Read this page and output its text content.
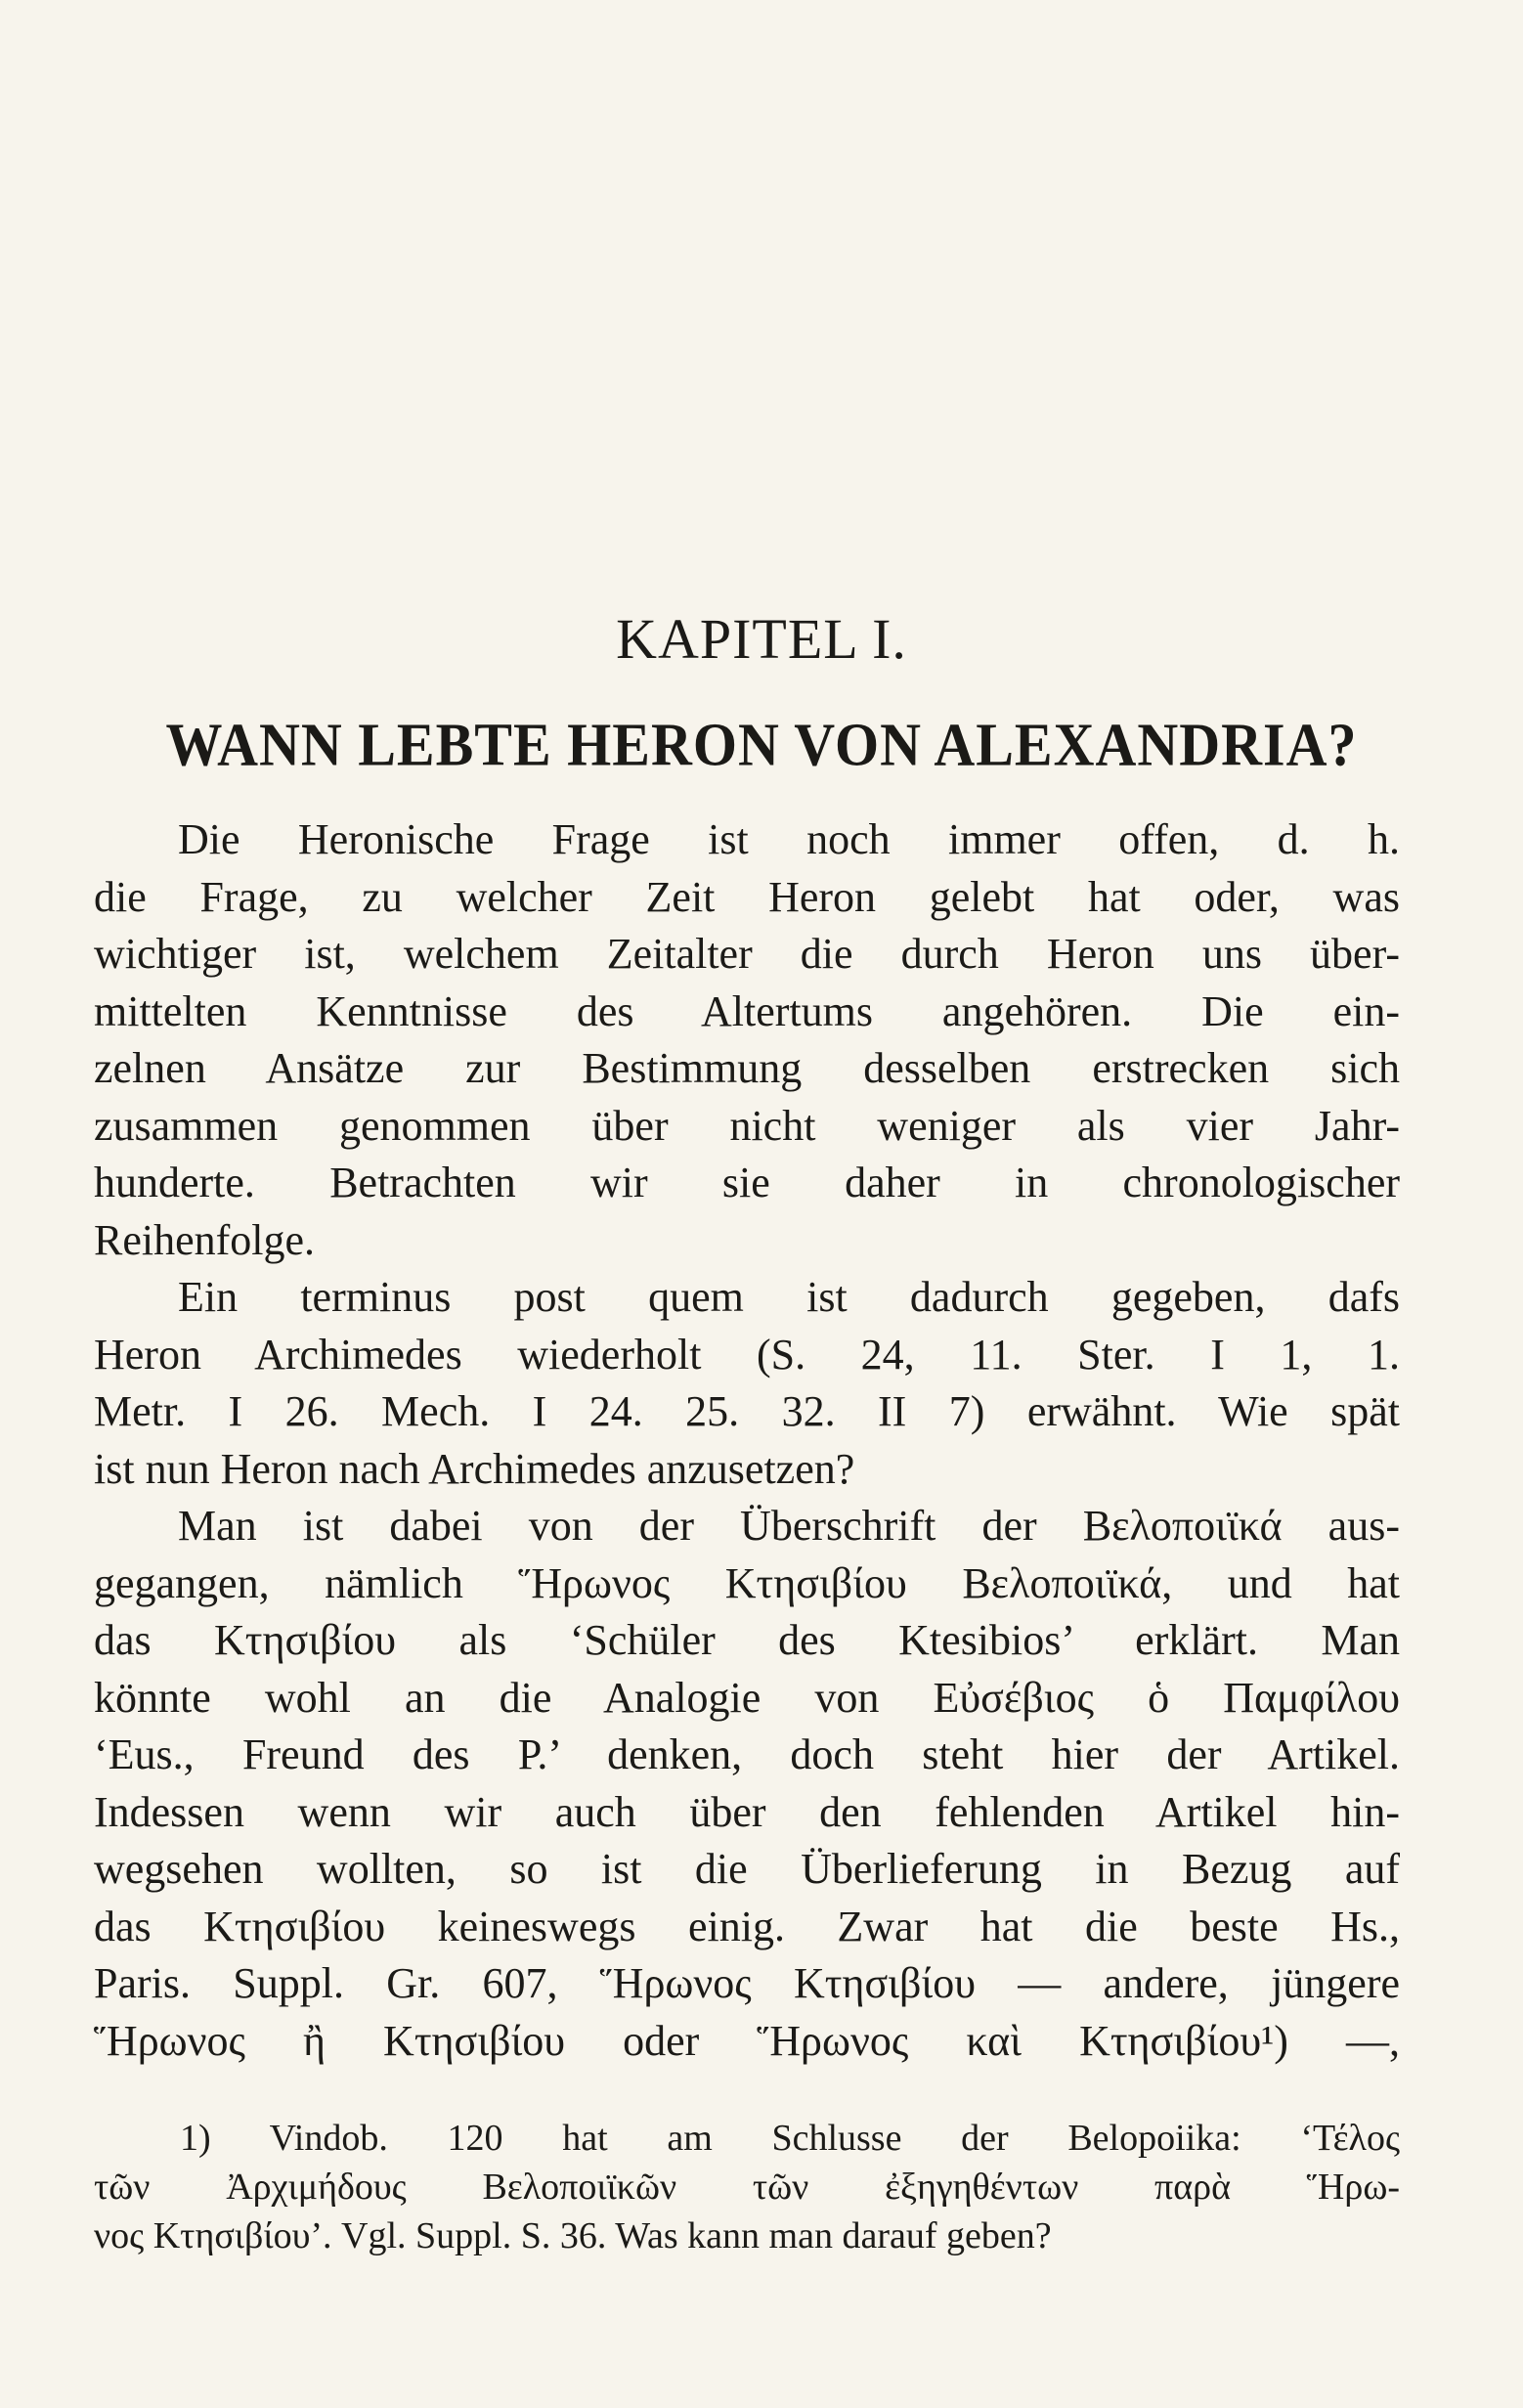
KAPITEL I.
WANN LEBTE HERON VON ALEXANDRIA?
Die Heronische Frage ist noch immer offen, d. h.
die Frage, zu welcher Zeit Heron gelebt hat oder, was
wichtiger ist, welchem Zeitalter die durch Heron uns über-
mittelten Kenntnisse des Altertums angehören. Die ein-
zelnen Ansätze zur Bestimmung desselben erstrecken sich
zusammen genommen über nicht weniger als vier Jahr-
hunderte. Betrachten wir sie daher in chronologischer
Reihenfolge.
Ein terminus post quem ist dadurch gegeben, dafs
Heron Archimedes wiederholt (S. 24, 11. Ster. I 1, 1.
Metr. I 26. Mech. I 24. 25. 32. II 7) erwähnt. Wie spät
ist nun Heron nach Archimedes anzusetzen?
Man ist dabei von der Überschrift der Βελοποιϊκά aus-
gegangen, nämlich Ἥρωνος Κτησιβίου Βελοποιϊκά, und hat
das Κτησιβίου als ‘Schüler des Ktesibios’ erklärt. Man
könnte wohl an die Analogie von Εὐσέβιος ὁ Παμφίλου
‘Eus., Freund des P.’ denken, doch steht hier der Artikel.
Indessen wenn wir auch über den fehlenden Artikel hin-
wegsehen wollten, so ist die Überlieferung in Bezug auf
das Κτησιβίου keineswegs einig. Zwar hat die beste Hs.,
Paris. Suppl. Gr. 607, Ἥρωνος Κτησιβίου — andere, jüngere
Ἥρωνος ἢ Κτησιβίου oder Ἥρωνος καὶ Κτησιβίου¹) —,
1) Vindob. 120 hat am Schlusse der Belopoiika: ‘Τέλος
τῶν Ἀρχιμήδους Βελοποιϊκῶν τῶν ἐξηγηθέντων παρὰ Ἥρω-
νος Κτησιβίου’. Vgl. Suppl. S. 36. Was kann man darauf geben?
